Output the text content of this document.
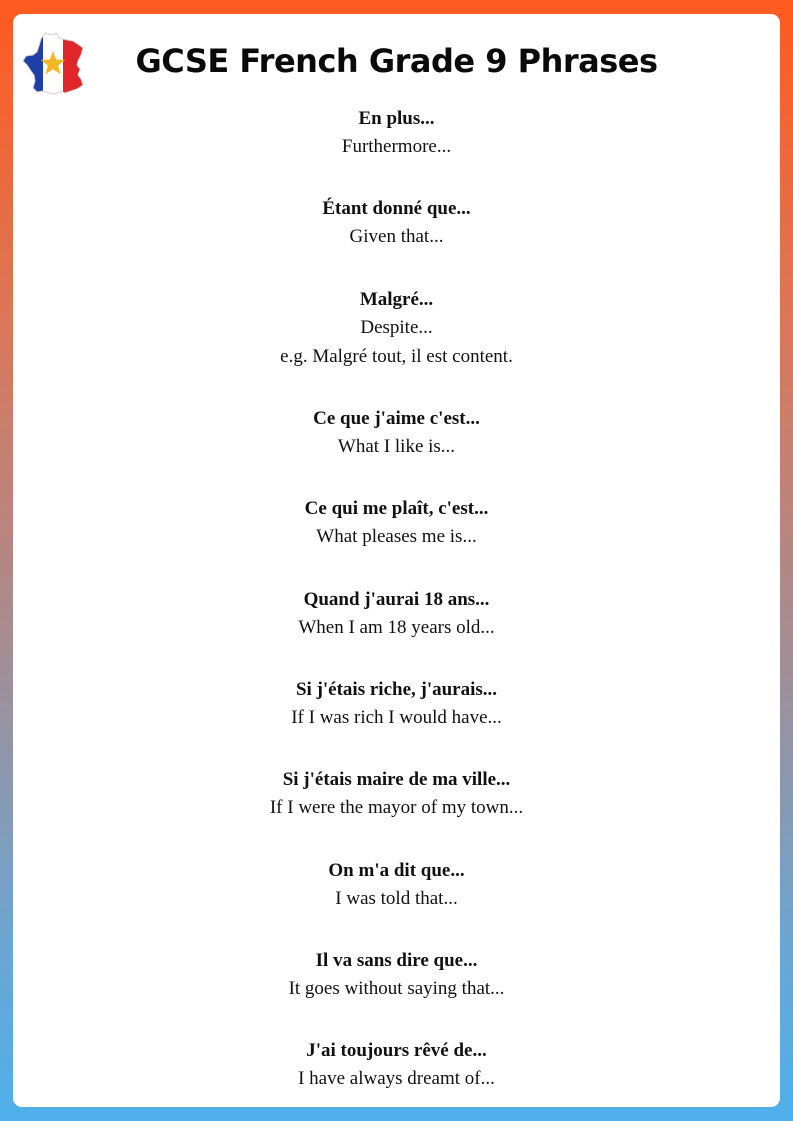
GCSE French Grade 9 Phrases
En plus...
Furthermore...
Étant donné que...
Given that...
Malgré...
Despite...
e.g. Malgré tout, il est content.
Ce que j'aime c'est...
What I like is...
Ce qui me plaît, c'est...
What pleases me is...
Quand j'aurai 18 ans...
When I am 18 years old...
Si j'étais riche, j'aurais...
If I was rich I would have...
Si j'étais maire de ma ville...
If I were the mayor of my town...
On m'a dit que...
I was told that...
Il va sans dire que...
It goes without saying that...
J'ai toujours rêvé de...
I have always dreamt of...
